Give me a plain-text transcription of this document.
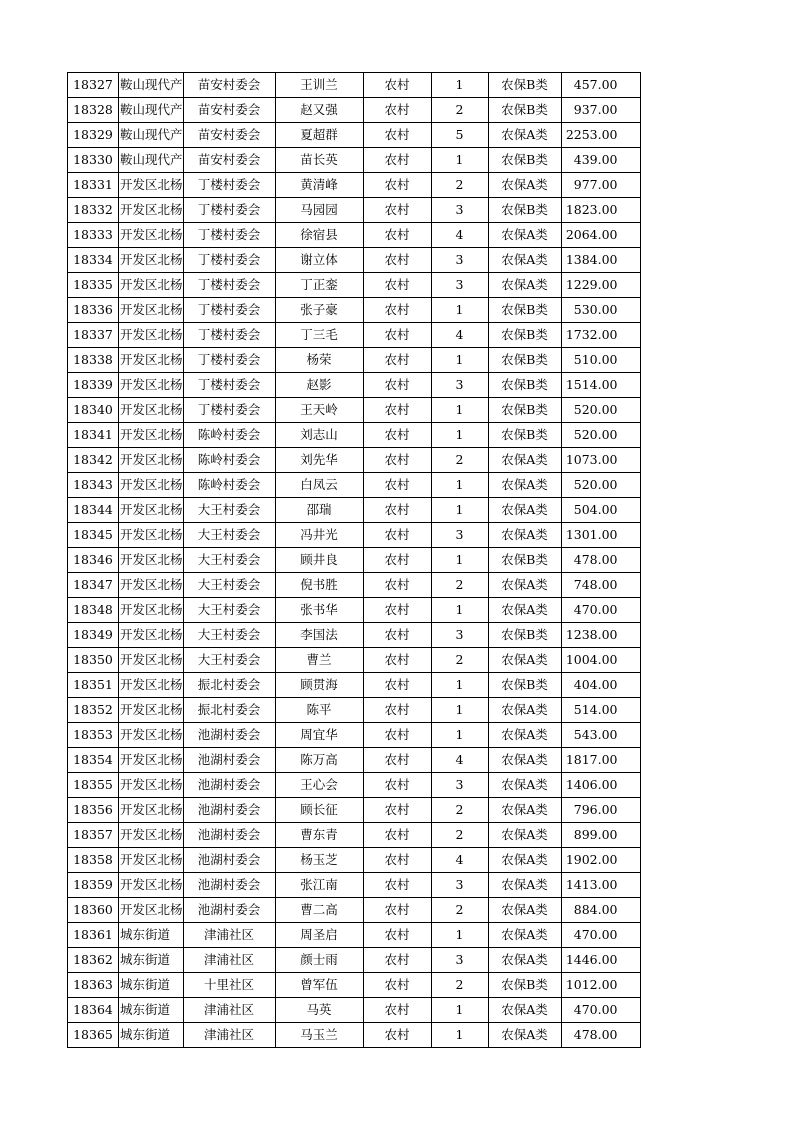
18327	鞍山现代产	苗安村委会	王训兰	农村	1	农保B类	457.00
18328	鞍山现代产	苗安村委会	赵又强	农村	2	农保B类	937.00
18329	鞍山现代产	苗安村委会	夏超群	农村	5	农保A类	2253.00
18330	鞍山现代产	苗安村委会	苗长英	农村	1	农保B类	439.00
18331	开发区北杨	丁楼村委会	黄清峰	农村	2	农保A类	977.00
18332	开发区北杨	丁楼村委会	马园园	农村	3	农保B类	1823.00
18333	开发区北杨	丁楼村委会	徐宿县	农村	4	农保A类	2064.00
18334	开发区北杨	丁楼村委会	谢立体	农村	3	农保A类	1384.00
18335	开发区北杨	丁楼村委会	丁正銮	农村	3	农保A类	1229.00
18336	开发区北杨	丁楼村委会	张子豪	农村	1	农保B类	530.00
18337	开发区北杨	丁楼村委会	丁三毛	农村	4	农保B类	1732.00
18338	开发区北杨	丁楼村委会	杨荣	农村	1	农保B类	510.00
18339	开发区北杨	丁楼村委会	赵影	农村	3	农保B类	1514.00
18340	开发区北杨	丁楼村委会	王天岭	农村	1	农保B类	520.00
18341	开发区北杨	陈岭村委会	刘志山	农村	1	农保B类	520.00
18342	开发区北杨	陈岭村委会	刘先华	农村	2	农保A类	1073.00
18343	开发区北杨	陈岭村委会	白凤云	农村	1	农保A类	520.00
18344	开发区北杨	大王村委会	邵瑞	农村	1	农保A类	504.00
18345	开发区北杨	大王村委会	冯井光	农村	3	农保A类	1301.00
18346	开发区北杨	大王村委会	顾井良	农村	1	农保B类	478.00
18347	开发区北杨	大王村委会	倪书胜	农村	2	农保A类	748.00
18348	开发区北杨	大王村委会	张书华	农村	1	农保A类	470.00
18349	开发区北杨	大王村委会	李国法	农村	3	农保B类	1238.00
18350	开发区北杨	大王村委会	曹兰	农村	2	农保A类	1004.00
18351	开发区北杨	振北村委会	顾贯海	农村	1	农保B类	404.00
18352	开发区北杨	振北村委会	陈平	农村	1	农保A类	514.00
18353	开发区北杨	池湖村委会	周宜华	农村	1	农保A类	543.00
18354	开发区北杨	池湖村委会	陈万高	农村	4	农保A类	1817.00
18355	开发区北杨	池湖村委会	王心会	农村	3	农保A类	1406.00
18356	开发区北杨	池湖村委会	顾长征	农村	2	农保A类	796.00
18357	开发区北杨	池湖村委会	曹东青	农村	2	农保A类	899.00
18358	开发区北杨	池湖村委会	杨玉芝	农村	4	农保A类	1902.00
18359	开发区北杨	池湖村委会	张江南	农村	3	农保A类	1413.00
18360	开发区北杨	池湖村委会	曹二高	农村	2	农保A类	884.00
18361	城东街道	津浦社区	周圣启	农村	1	农保A类	470.00
18362	城东街道	津浦社区	颜士雨	农村	3	农保A类	1446.00
18363	城东街道	十里社区	曾军伍	农村	2	农保B类	1012.00
18364	城东街道	津浦社区	马英	农村	1	农保A类	470.00
18365	城东街道	津浦社区	马玉兰	农村	1	农保A类	478.00
